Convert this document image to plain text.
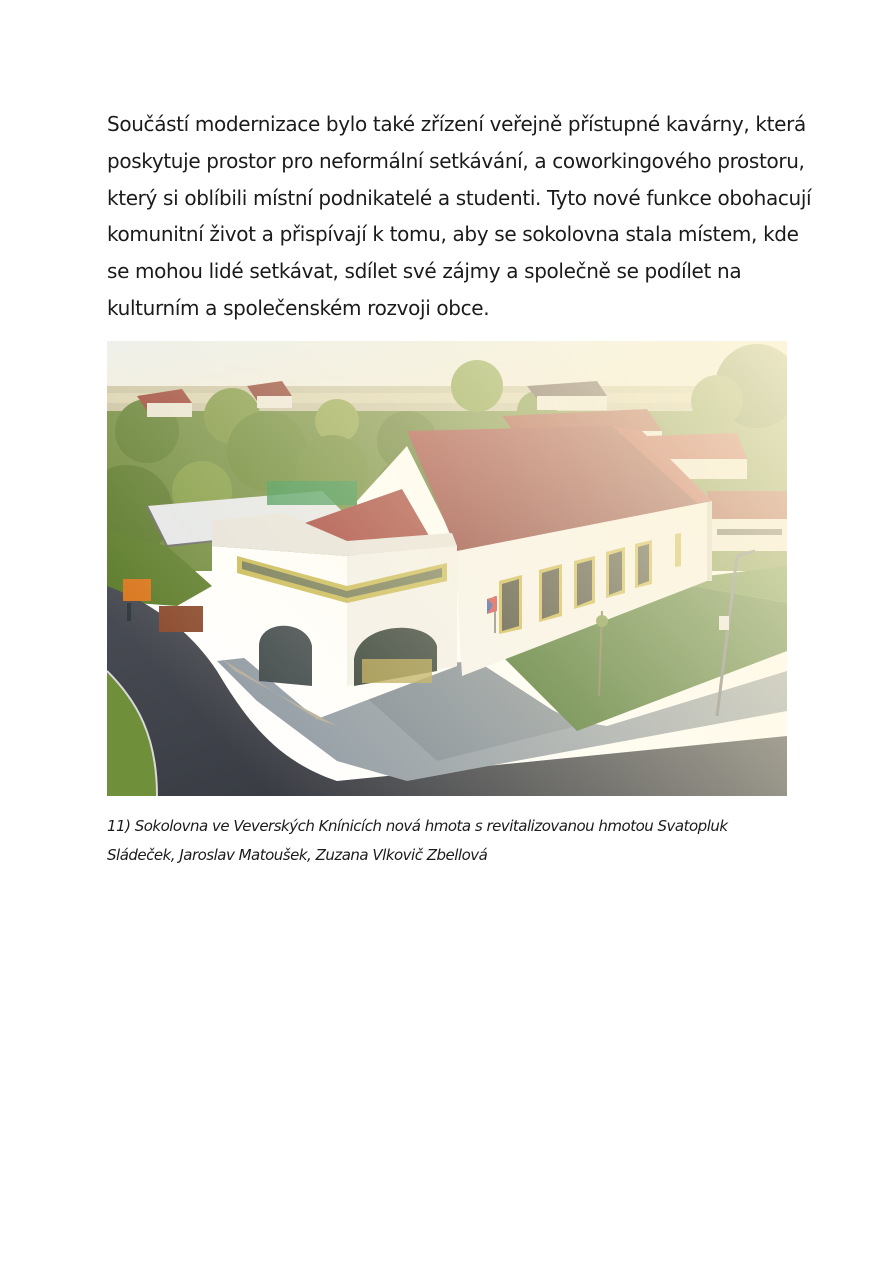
Součástí modernizace bylo také zřízení veřejně přístupné kavárny, která
poskytuje prostor pro neformální setkávání, a coworkingového prostoru,
který si oblíbili místní podnikatelé a studenti. Tyto nové funkce obohacují
komunitní život a přispívají k tomu, aby se sokolovna stala místem, kde
se mohou lidé setkávat, sdílet své zájmy a společně se podílet na
kulturním a společenském rozvoji obce.

11) Sokolovna ve Veverských Knínicích nová hmota s revitalizovanou hmotou Svatopluk
Sládeček, Jaroslav Matoušek, Zuzana Vlkovič Zbellová
